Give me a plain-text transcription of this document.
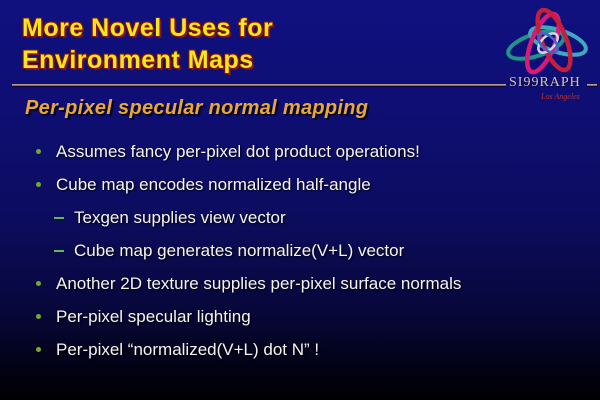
More Novel Uses for
Environment Maps
SI99RAPH
Los Angeles
Per-pixel specular normal mapping
Assumes fancy per-pixel dot product operations!
Cube map encodes normalized half-angle
Texgen supplies view vector
Cube map generates normalize(V+L) vector
Another 2D texture supplies per-pixel surface normals
Per-pixel specular lighting
Per-pixel “normalized(V+L) dot N” !
